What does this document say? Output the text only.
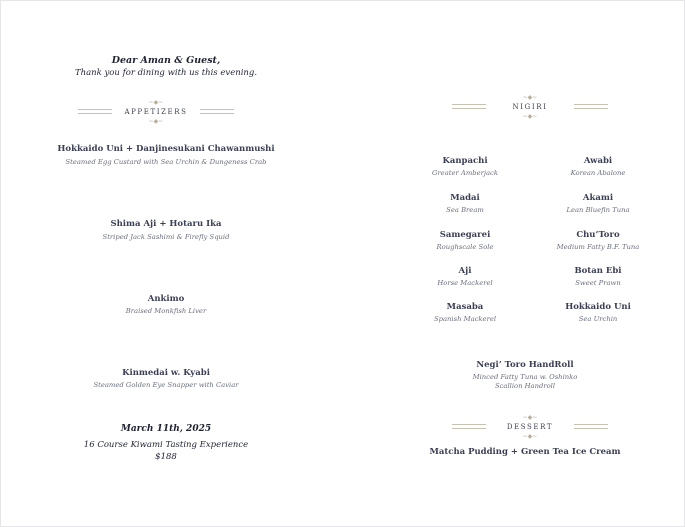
Dear Aman & Guest,
Thank you for dining with us this evening.
~◆~
APPETIZERS
~◆~
Hokkaido Uni + Danjinesukani Chawanmushi
Steamed Egg Custard with Sea Urchin & Dungeness Crab
Shima Aji + Hotaru Ika
Striped Jack Sashimi & Firefly Squid
Ankimo
Braised Monkfish Liver
Kinmedai w. Kyabi
Steamed Golden Eye Snapper with Caviar
March 11th, 2025
16 Course Kiwami Tasting Experience
$188
~◆~
NIGIRI
~◆~
Kanpachi
Greater Amberjack
Madai
Sea Bream
Samegarei
Roughscale Sole
Aji
Horse Mackerel
Masaba
Spanish Mackerel
Awabi
Korean Abalone
Akami
Lean Bluefin Tuna
Chu’Toro
Medium Fatty B.F. Tuna
Botan Ebi
Sweet Prawn
Hokkaido Uni
Sea Urchin
Negi’ Toro HandRoll
Minced Fatty Tuna w. Oshinko
Scallion Handroll
~◆~
DESSERT
~◆~
Matcha Pudding + Green Tea Ice Cream
